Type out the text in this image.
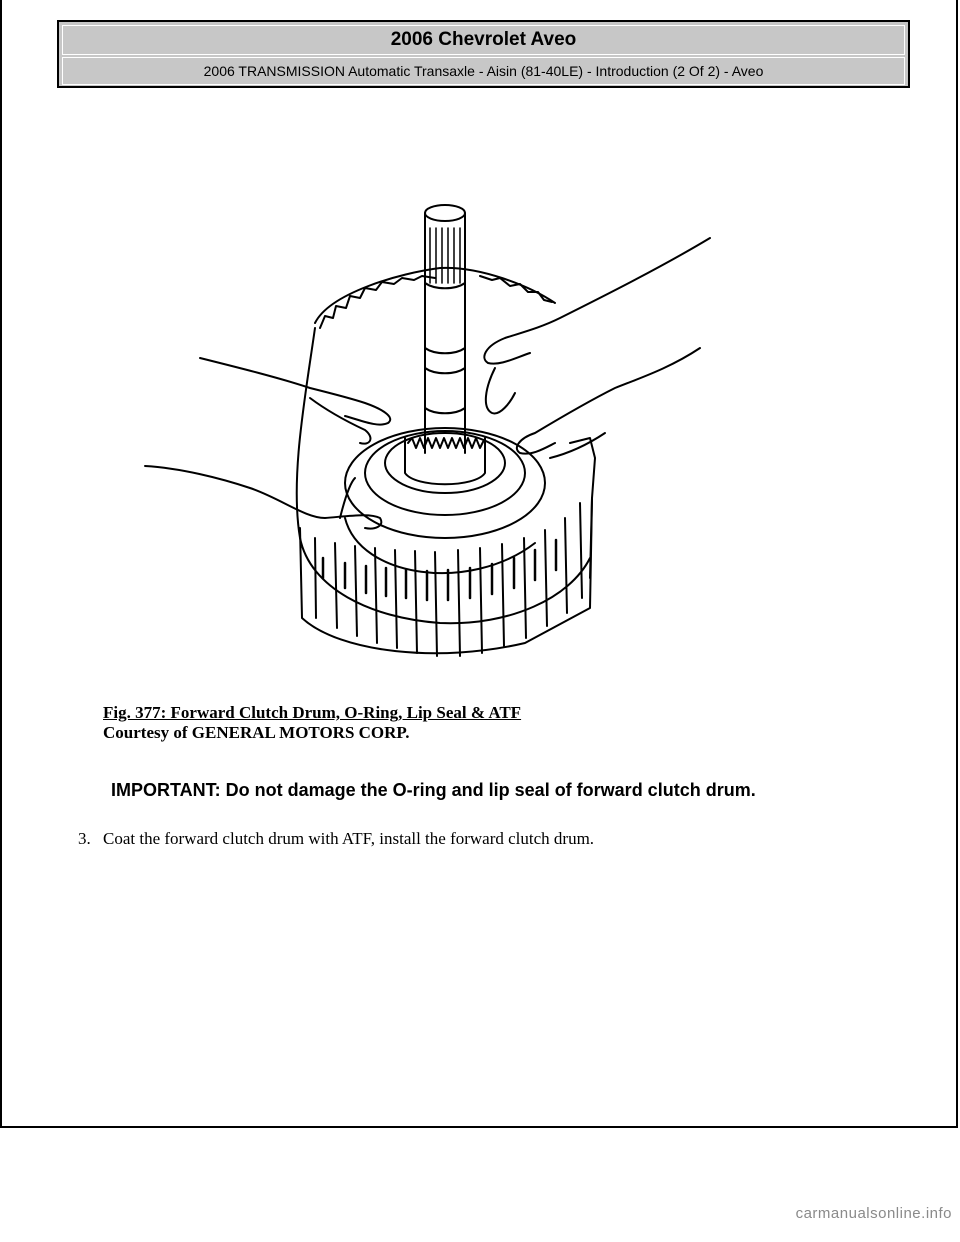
2006 Chevrolet Aveo
2006 TRANSMISSION Automatic Transaxle - Aisin (81-40LE) - Introduction (2 Of 2) - Aveo
Fig. 377: Forward Clutch Drum, O-Ring, Lip Seal & ATF
Courtesy of GENERAL MOTORS CORP.
IMPORTANT: Do not damage the O-ring and lip seal of forward clutch drum.
3. Coat the forward clutch drum with ATF, install the forward clutch drum.
carmanualsonline.info
